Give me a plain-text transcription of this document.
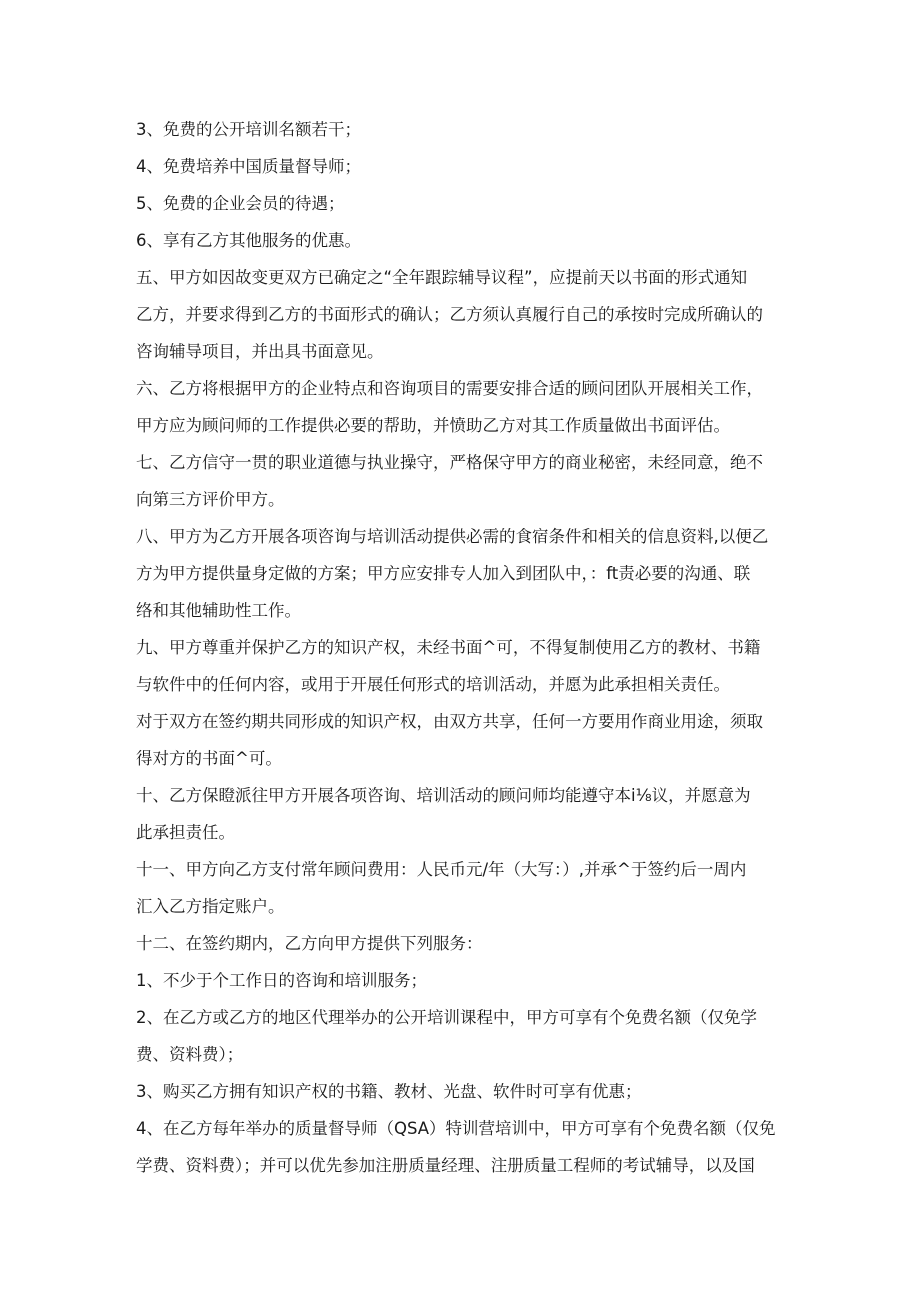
3、免费的公开培训名额若干；

4、免费培养中国质量督导师；

5、免费的企业会员的待遇；

6、享有乙方其他服务的优惠。

五、甲方如因故变更双方已确定之“全年跟踪辅导议程”，应提前天以书面的形式通知

乙方，并要求得到乙方的书面形式的确认；乙方须认真履行自己的承按时完成所确认的

咨询辅导项目，并出具书面意见。

六、乙方将根据甲方的企业特点和咨询项目的需要安排合适的顾问团队开展相关工作，

甲方应为顾问师的工作提供必要的帮助，并愤助乙方对其工作质量做出书面评估。

七、乙方信守一贯的职业道德与执业操守，严格保守甲方的商业秘密，未经同意，绝不

向第三方评价甲方。

八、甲方为乙方开展各项咨询与培训活动提供必需的食宿条件和相关的信息资料,以便乙

方为甲方提供量身定做的方案；甲方应安排专人加入到团队中，：ft责必要的沟通、联

络和其他辅助性工作。

九、甲方尊重并保护乙方的知识产权，未经书面^可，不得复制使用乙方的教材、书籍

与软件中的任何内容，或用于开展任何形式的培训活动，并愿为此承担相关责任。

对于双方在签约期共同形成的知识产权，由双方共享，任何一方要用作商业用途，须取

得对方的书面^可。

十、乙方保瞪派往甲方开展各项咨询、培训活动的顾问师均能遵守本i⅛议，并愿意为

此承担责任。

十一、甲方向乙方支付常年顾问费用：人民币元/年（大写：）,并承^于签约后一周内

汇入乙方指定账户。

十二、在签约期内，乙方向甲方提供下列服务：

1、不少于个工作日的咨询和培训服务；

2、在乙方或乙方的地区代理举办的公开培训课程中，甲方可享有个免费名额（仅免学

费、资料费）；

3、购买乙方拥有知识产权的书籍、教材、光盘、软件时可享有优惠；

4、在乙方每年举办的质量督导师（QSA）特训营培训中，甲方可享有个免费名额（仅免

学费、资料费）；并可以优先参加注册质量经理、注册质量工程师的考试辅导，以及国
